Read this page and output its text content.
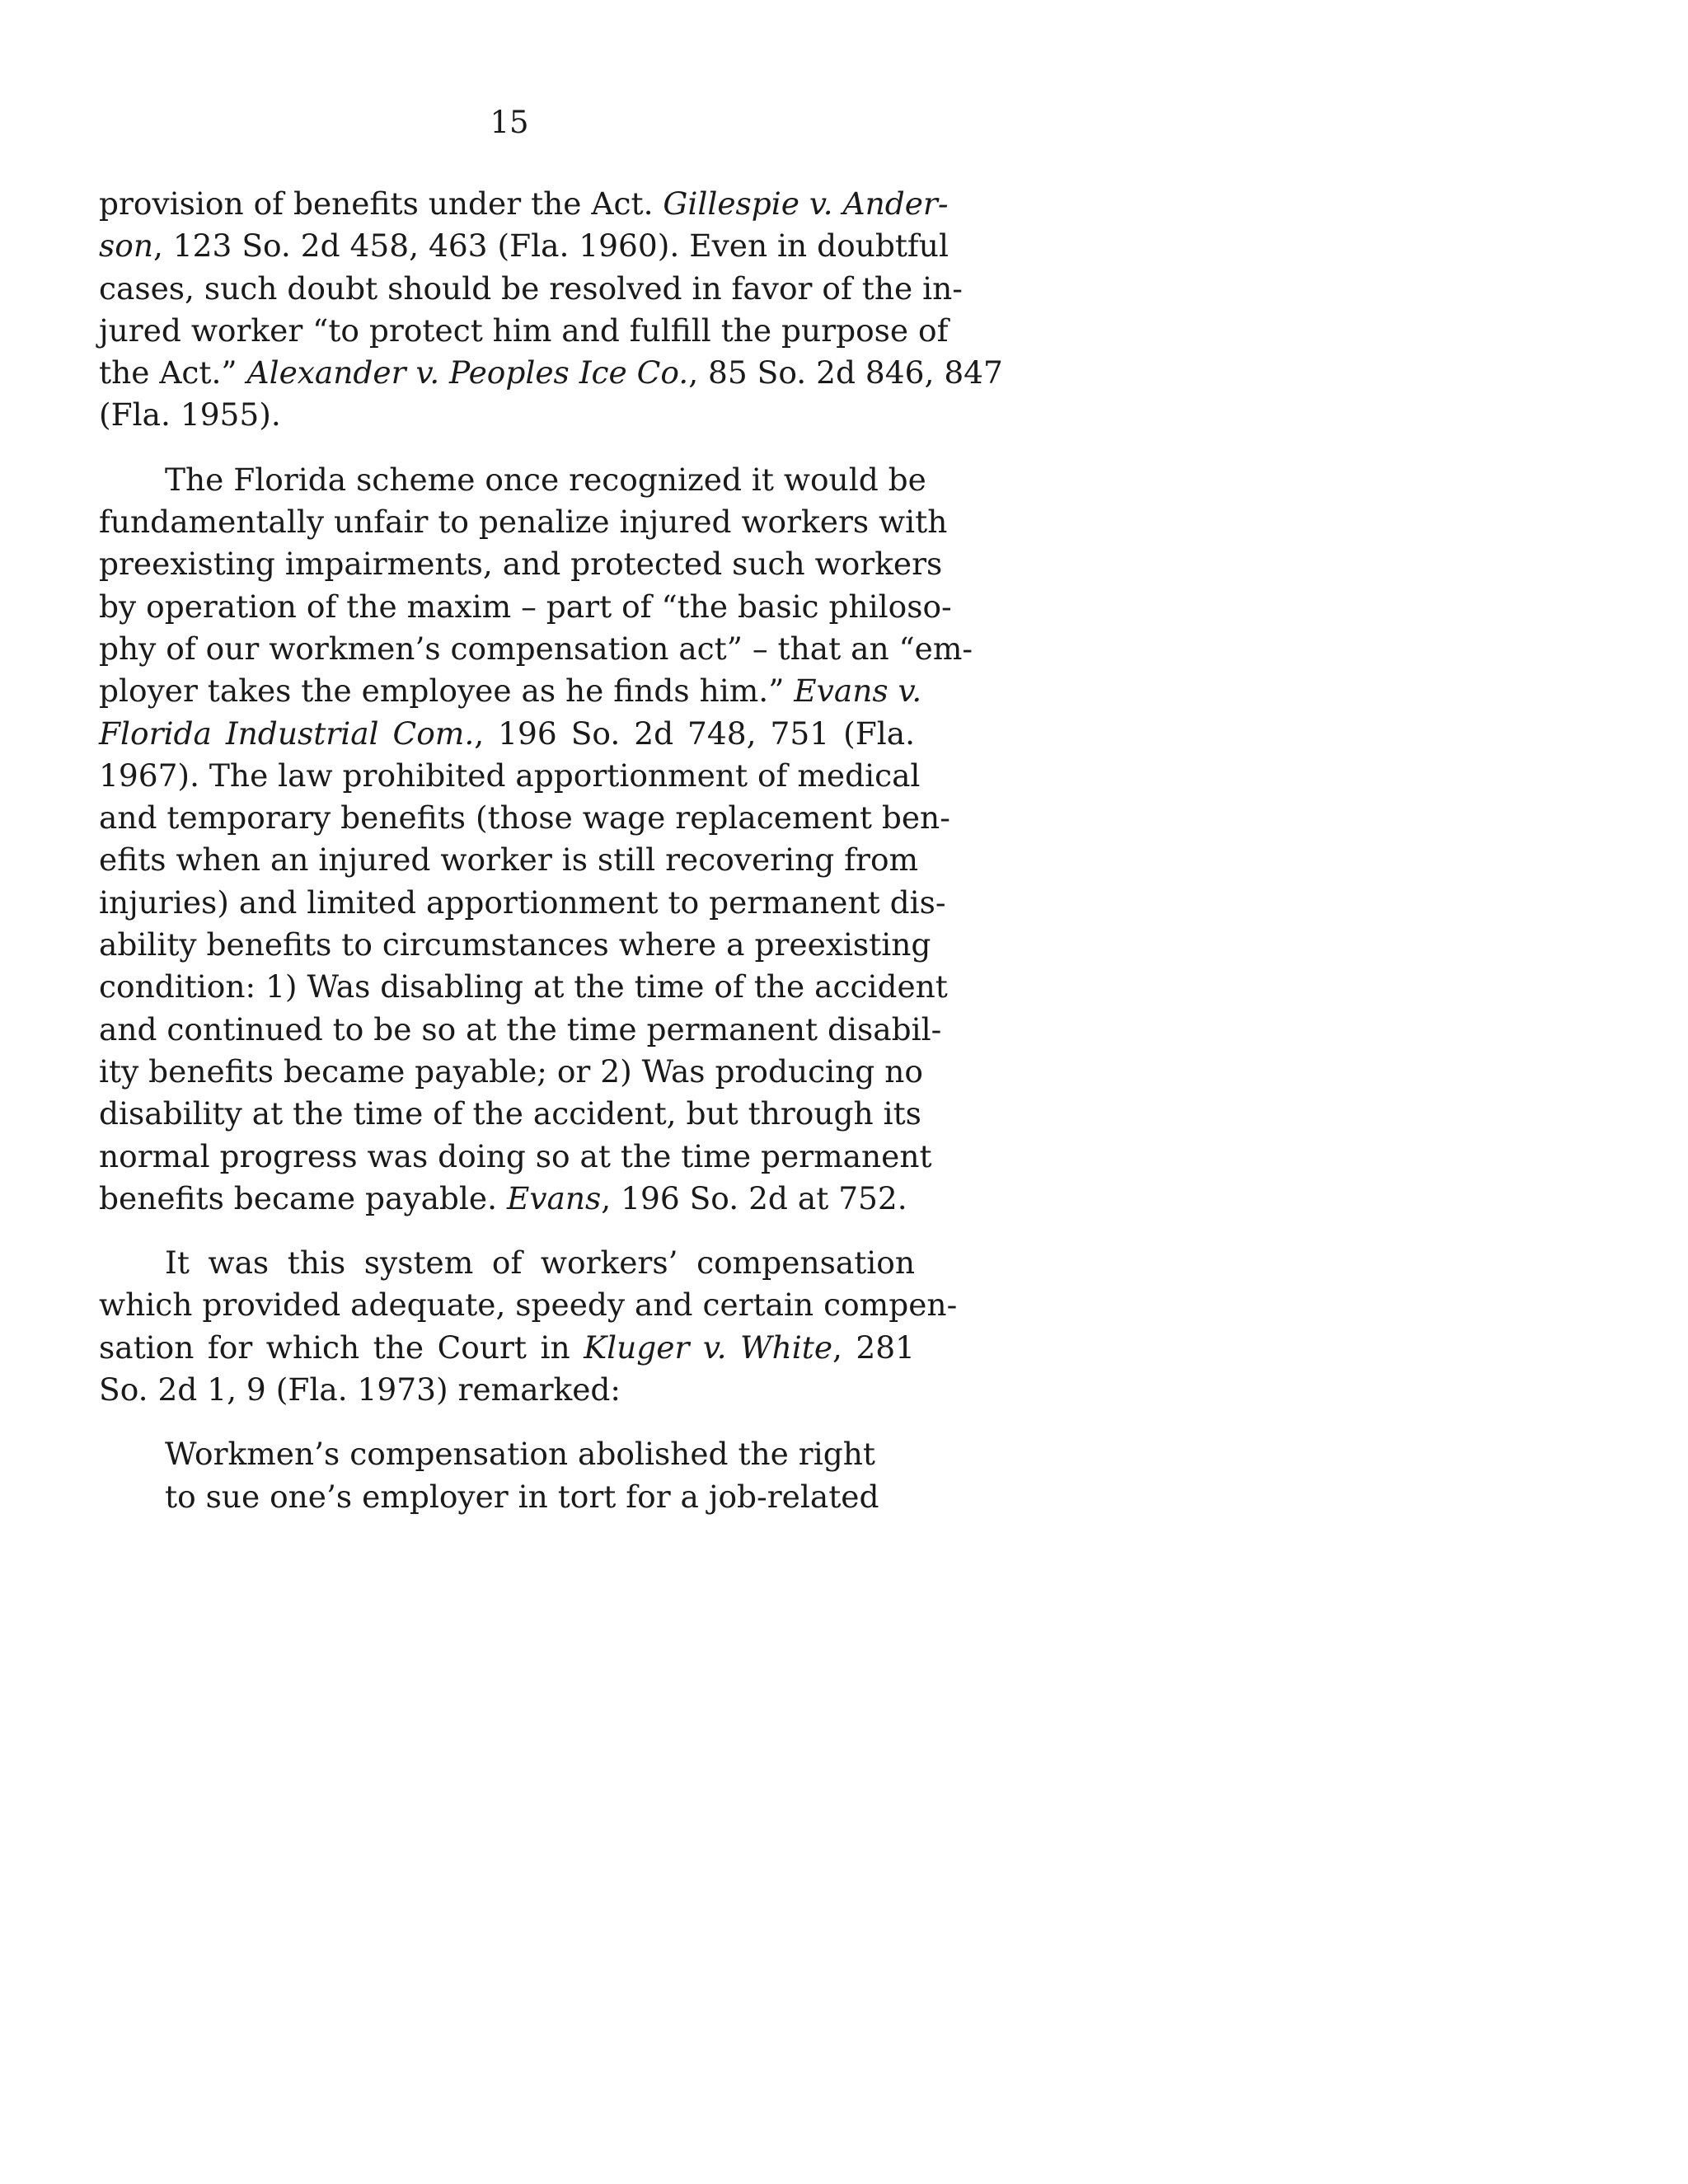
15
provision of benefits under the Act. Gillespie v. Ander-
son, 123 So. 2d 458, 463 (Fla. 1960). Even in doubtful
cases, such doubt should be resolved in favor of the in-
jured worker “to protect him and fulfill the purpose of
the Act.” Alexander v. Peoples Ice Co., 85 So. 2d 846, 847
(Fla. 1955).
The Florida scheme once recognized it would be
fundamentally unfair to penalize injured workers with
preexisting impairments, and protected such workers
by operation of the maxim – part of “the basic philoso-
phy of our workmen’s compensation act” – that an “em-
ployer takes the employee as he finds him.” Evans v.
Florida Industrial Com., 196 So. 2d 748, 751 (Fla.
1967). The law prohibited apportionment of medical
and temporary benefits (those wage replacement ben-
efits when an injured worker is still recovering from
injuries) and limited apportionment to permanent dis-
ability benefits to circumstances where a preexisting
condition: 1) Was disabling at the time of the accident
and continued to be so at the time permanent disabil-
ity benefits became payable; or 2) Was producing no
disability at the time of the accident, but through its
normal progress was doing so at the time permanent
benefits became payable. Evans, 196 So. 2d at 752.
It was this system of workers’ compensation
which provided adequate, speedy and certain compen-
sation for which the Court in Kluger v. White, 281
So. 2d 1, 9 (Fla. 1973) remarked:
Workmen’s compensation abolished the right
to sue one’s employer in tort for a job-related
